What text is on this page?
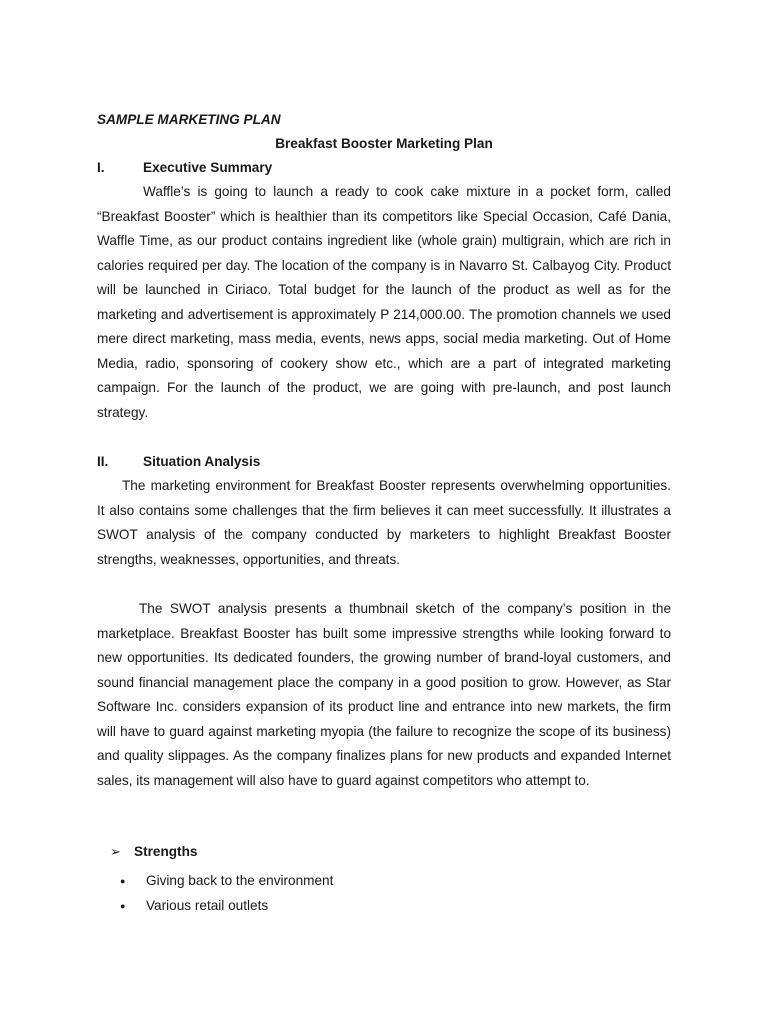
SAMPLE MARKETING PLAN
Breakfast Booster Marketing Plan
I.	Executive Summary

Waffle’s is going to launch a ready to cook cake mixture in a pocket form, called “Breakfast Booster” which is healthier than its competitors like Special Occasion, Café Dania, Waffle Time, as our product contains ingredient like (whole grain) multigrain, which are rich in calories required per day. The location of the company is in Navarro St. Calbayog City. Product will be launched in Ciriaco. Total budget for the launch of the product as well as for the marketing and advertisement is approximately P 214,000.00. The promotion channels we used mere direct marketing, mass media, events, news apps, social media marketing. Out of Home Media, radio, sponsoring of cookery show etc., which are a part of integrated marketing campaign. For the launch of the product, we are going with pre-launch, and post launch strategy.

II.	Situation Analysis

The marketing environment for Breakfast Booster represents overwhelming opportunities. It also contains some challenges that the firm believes it can meet successfully. It illustrates a SWOT analysis of the company conducted by marketers to highlight Breakfast Booster strengths, weaknesses, opportunities, and threats.

The SWOT analysis presents a thumbnail sketch of the company’s position in the marketplace. Breakfast Booster has built some impressive strengths while looking forward to new opportunities. Its dedicated founders, the growing number of brand-loyal customers, and sound financial management place the company in a good position to grow. However, as Star Software Inc. considers expansion of its product line and entrance into new markets, the firm will have to guard against marketing myopia (the failure to recognize the scope of its business) and quality slippages. As the company finalizes plans for new products and expanded Internet sales, its management will also have to guard against competitors who attempt to.

➢ Strengths
● Giving back to the environment
● Various retail outlets
